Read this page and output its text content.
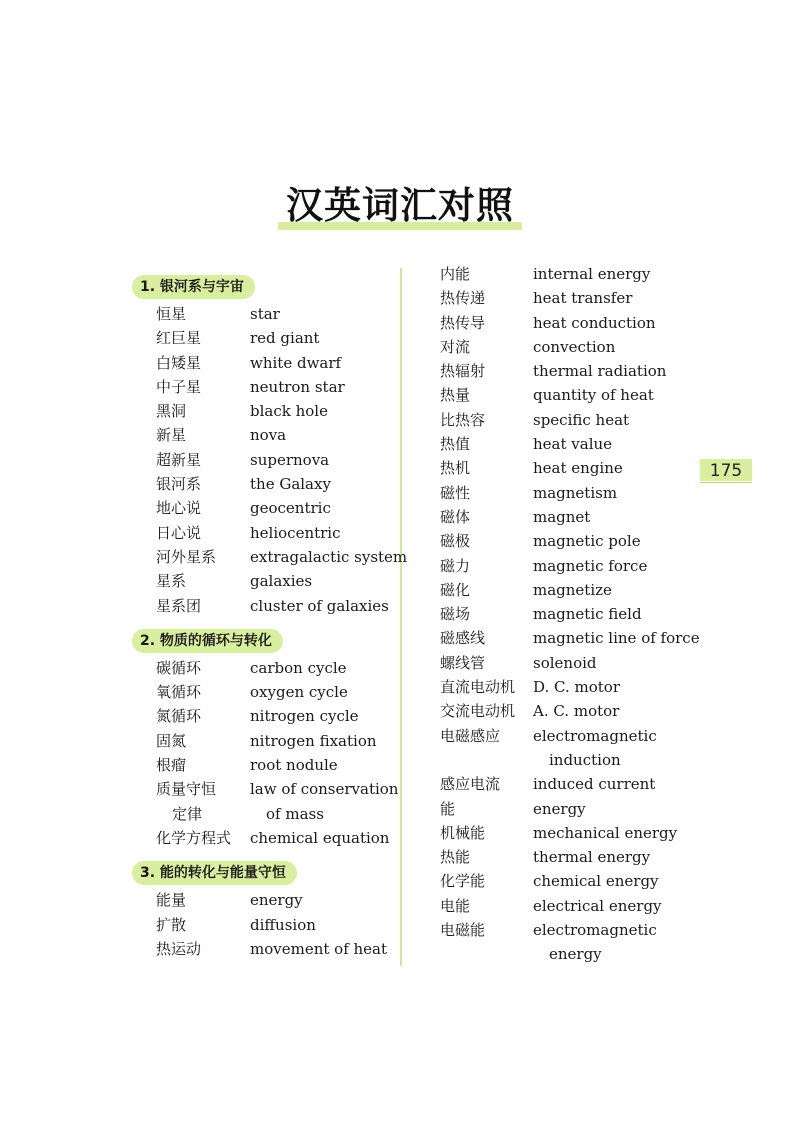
汉英词汇对照
175
1. 银河系与宇宙
恒星	star
红巨星	red giant
白矮星	white dwarf
中子星	neutron star
黑洞	black hole
新星	nova
超新星	supernova
银河系	the Galaxy
地心说	geocentric
日心说	heliocentric
河外星系 extragalactic system
星系	galaxies
星系团	cluster of galaxies
2. 物质的循环与转化
碳循环	carbon cycle
氧循环	oxygen cycle
氮循环	nitrogen cycle
固氮	nitrogen fixation
根瘤	root nodule
质量守恒 law of conservation
定律	of mass
化学方程式 chemical equation
3. 能的转化与能量守恒
能量	energy
扩散	diffusion
热运动	movement of heat
内能	internal energy
热传递	heat transfer
热传导	heat conduction
对流	convection
热辐射	thermal radiation
热量	quantity of heat
比热容	specific heat
热值	heat value
热机	heat engine
磁性	magnetism
磁体	magnet
磁极	magnetic pole
磁力	magnetic force
磁化	magnetize
磁场	magnetic field
磁感线	magnetic line of force
螺线管	solenoid
直流电动机 D. C. motor
交流电动机 A. C. motor
电磁感应 electromagnetic
induction
感应电流 induced current
能	energy
机械能	mechanical energy
热能	thermal energy
化学能	chemical energy
电能	electrical energy
电磁能	electromagnetic
energy
